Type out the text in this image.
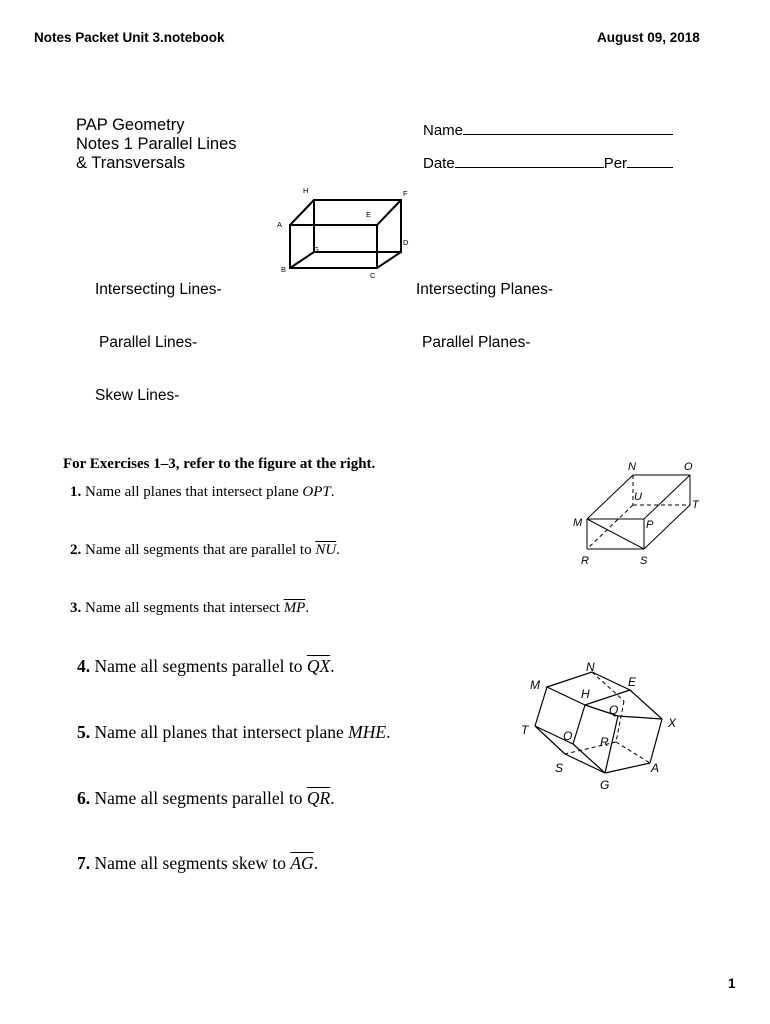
Notes Packet Unit 3.notebook	August 09, 2018
PAP Geometry
Notes 1 Parallel Lines
& Transversals
Name
Date	Per
H	F
E
A
D
G
B
C
Intersecting Lines-	Intersecting Planes-
Parallel Lines-	Parallel Planes-
Skew Lines-
For Exercises 1–3, refer to the figure at the right.
1. Name all planes that intersect plane OPT.
2. Name all segments that are parallel to $\overline{NU}$.
3. Name all segments that intersect $\overline{MP}$.
N	O
U
T
M	P
R	S
4. Name all segments parallel to $\overline{QX}$.
5. Name all planes that intersect plane MHE.
6. Name all segments parallel to $\overline{QR}$.
7. Name all segments skew to $\overline{AG}$.
N
M	E
H
Q
X
T	O R
S	A
G
1
